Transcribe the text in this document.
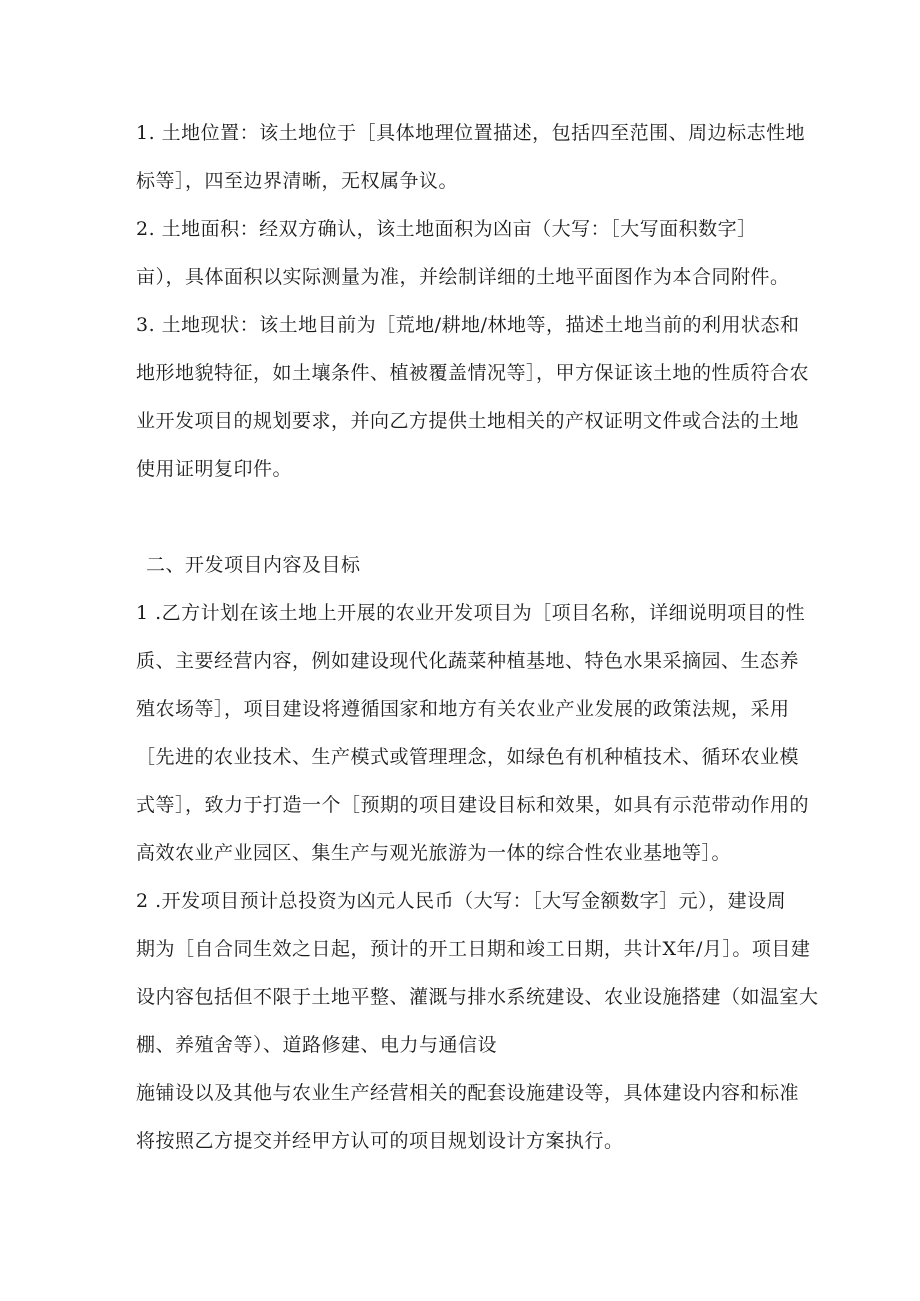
1. 土地位置：该土地位于［具体地理位置描述，包括四至范围、周边标志性地
标等］，四至边界清晰，无权属争议。
2. 土地面积：经双方确认，该土地面积为凶亩（大写：［大写面积数字］
亩），具体面积以实际测量为准，并绘制详细的土地平面图作为本合同附件。
3. 土地现状：该土地目前为［荒地/耕地/林地等，描述土地当前的利用状态和
地形地貌特征，如土壤条件、植被覆盖情况等］，甲方保证该土地的性质符合农
业开发项目的规划要求，并向乙方提供土地相关的产权证明文件或合法的土地
使用证明复印件。
二、开发项目内容及目标
1 .乙方计划在该土地上开展的农业开发项目为［项目名称，详细说明项目的性
质、主要经营内容，例如建设现代化蔬菜种植基地、特色水果采摘园、生态养
殖农场等］，项目建设将遵循国家和地方有关农业产业发展的政策法规，采用
［先进的农业技术、生产模式或管理理念，如绿色有机种植技术、循环农业模
式等］，致力于打造一个［预期的项目建设目标和效果，如具有示范带动作用的
高效农业产业园区、集生产与观光旅游为一体的综合性农业基地等］。
2 .开发项目预计总投资为凶元人民币（大写：［大写金额数字］元），建设周
期为［自合同生效之日起，预计的开工日期和竣工日期，共计X年/月］。项目建
设内容包括但不限于土地平整、灌溉与排水系统建设、农业设施搭建（如温室大
棚、养殖舍等）、道路修建、电力与通信设
施铺设以及其他与农业生产经营相关的配套设施建设等，具体建设内容和标准
将按照乙方提交并经甲方认可的项目规划设计方案执行。
